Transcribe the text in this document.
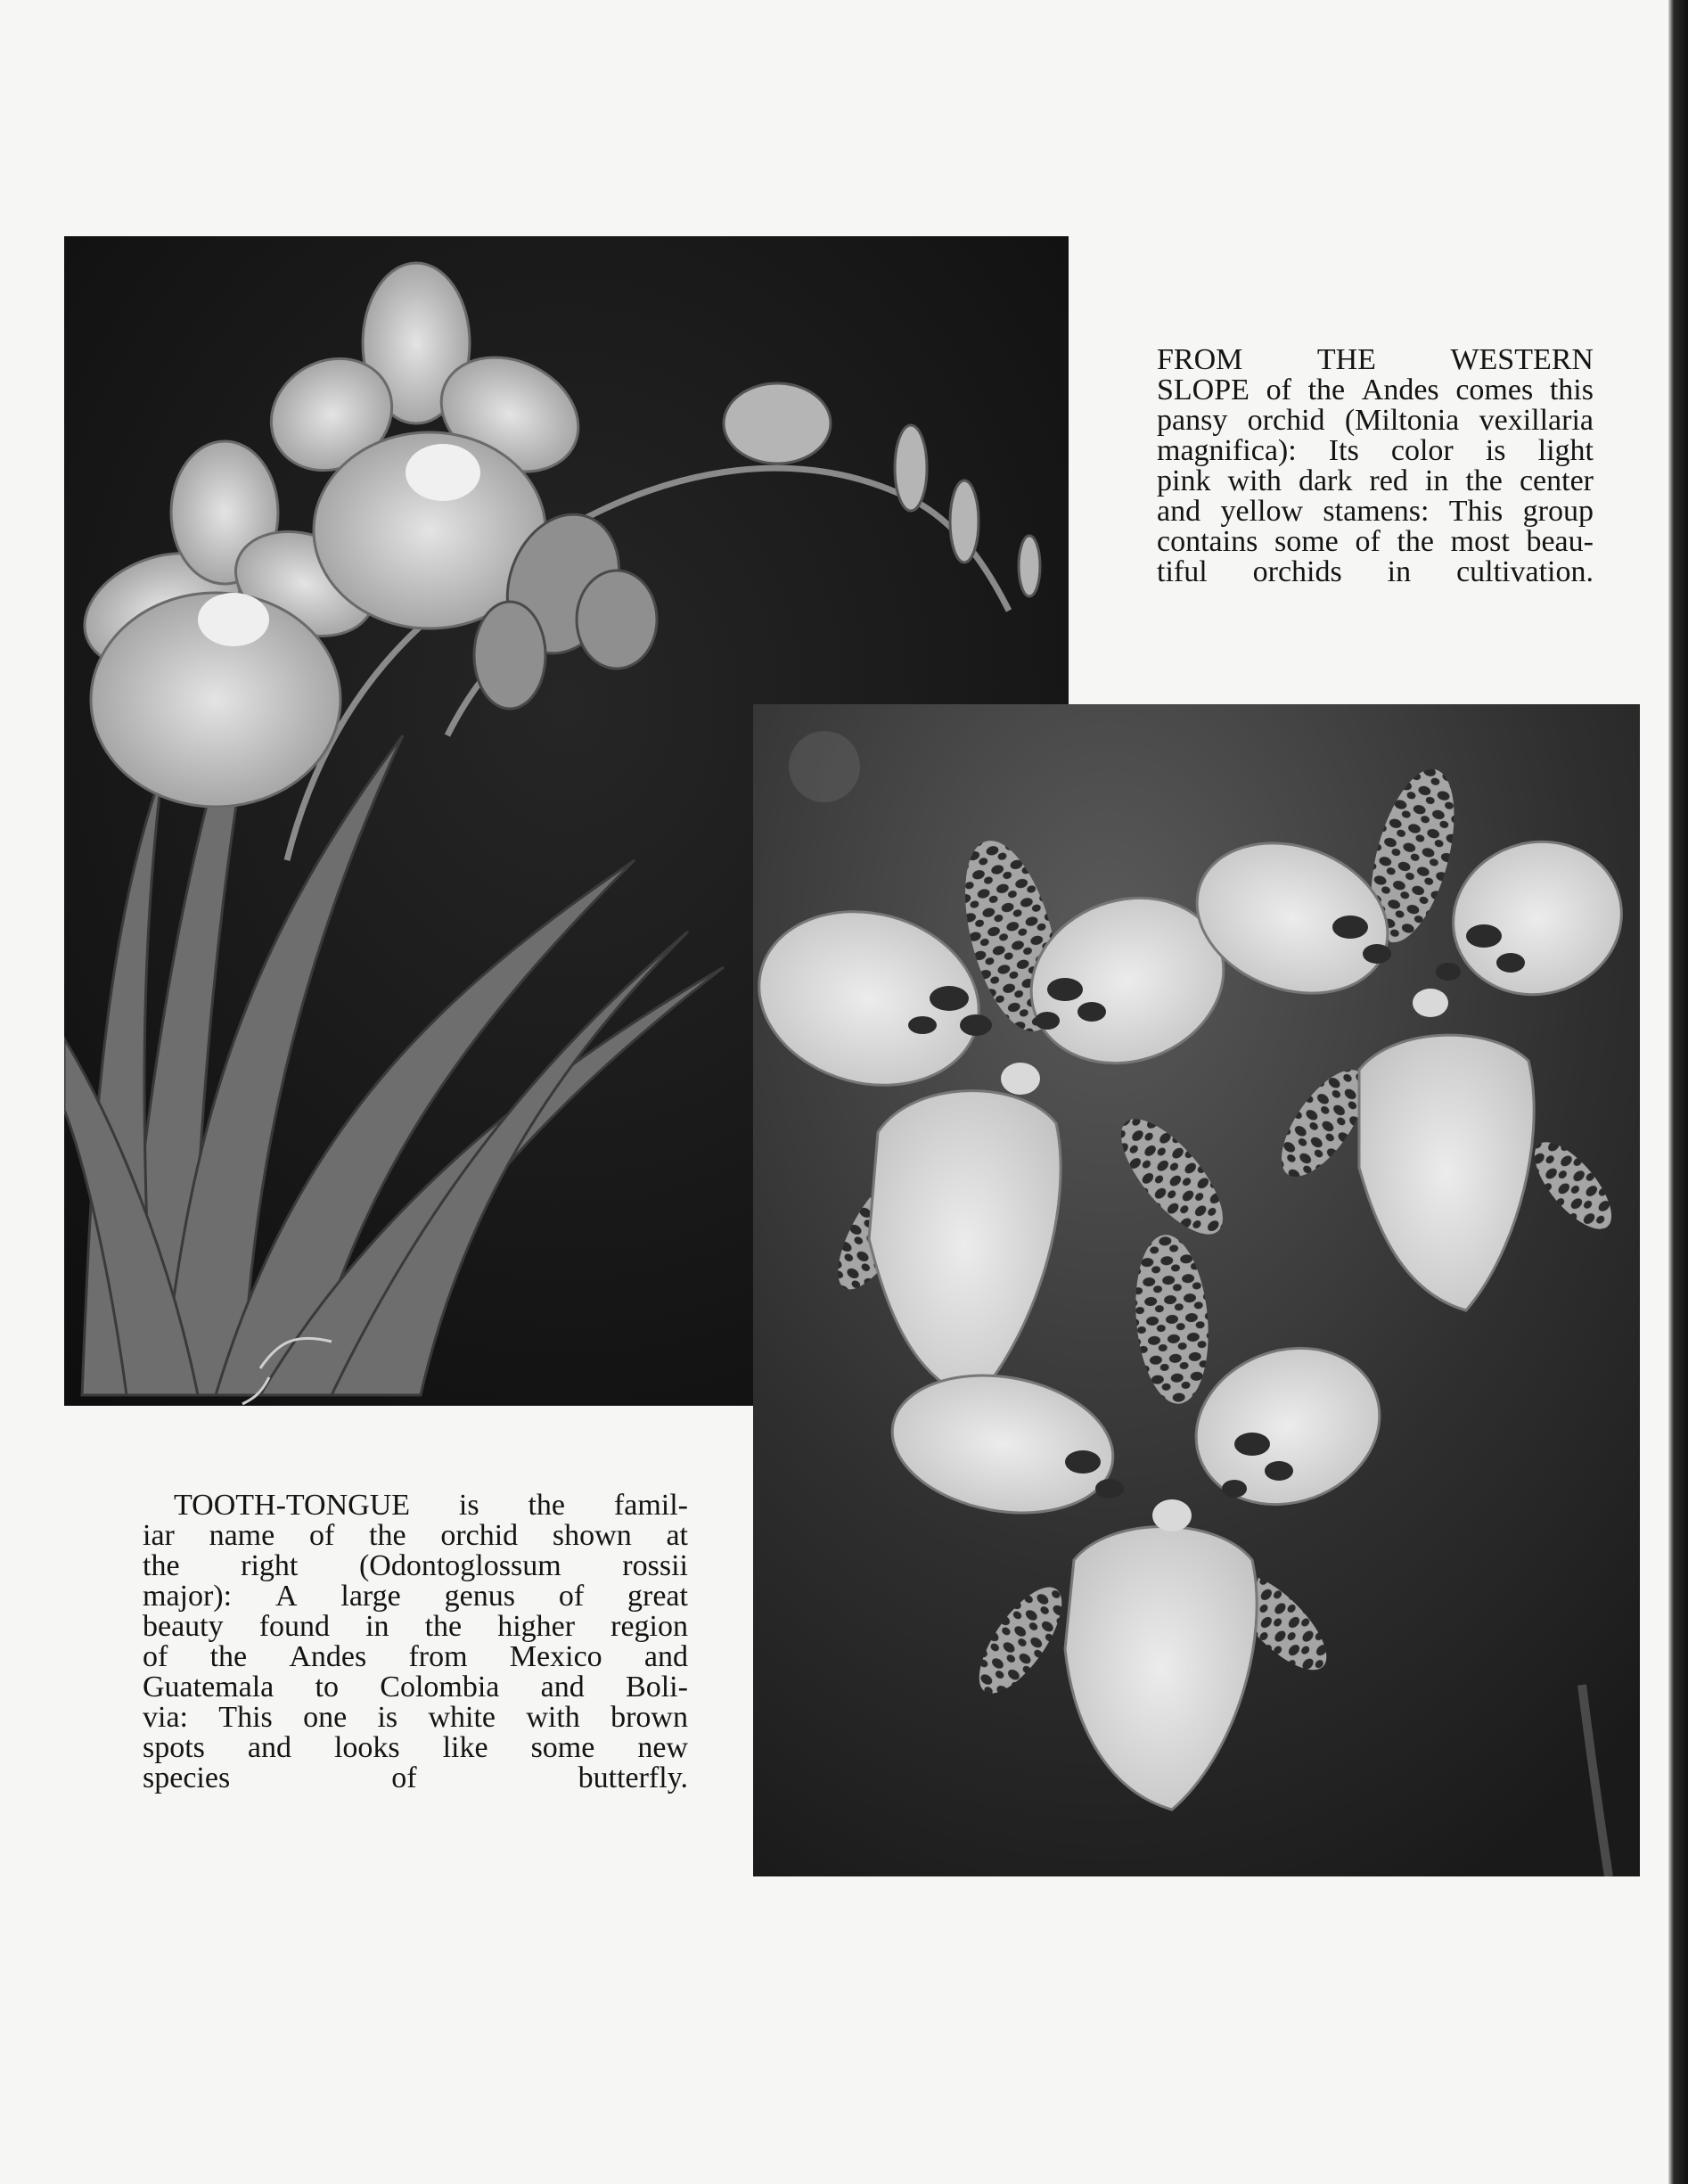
FROM THE WESTERN
SLOPE of the Andes comes this
pansy orchid (Miltonia vexillaria
magnifica): Its color is light
pink with dark red in the center
and yellow stamens: This group
contains some of the most beau-
tiful orchids in cultivation.
TOOTH-TONGUE is the famil-
iar name of the orchid shown at
the right (Odontoglossum rossii
major): A large genus of great
beauty found in the higher region
of the Andes from Mexico and
Guatemala to Colombia and Boli-
via: This one is white with brown
spots and looks like some new
species of butterfly.
